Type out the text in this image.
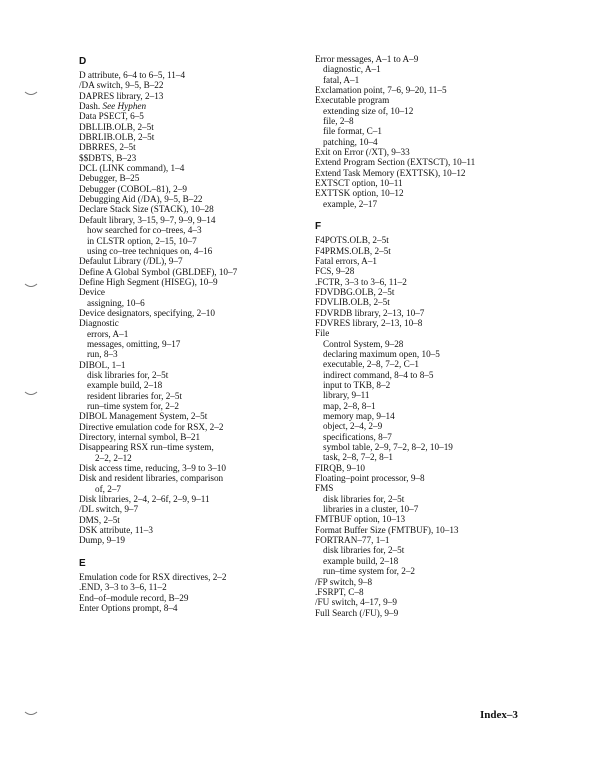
D
D attribute, 6–4 to 6–5, 11–4
/DA switch, 9–5, B–22
DAPRES library, 2–13
Dash. See Hyphen
Data PSECT, 6–5
DBLLIB.OLB, 2–5t
DBRLIB.OLB, 2–5t
DBRRES, 2–5t
$$DBTS, B–23
DCL (LINK command), 1–4
Debugger, B–25
Debugger (COBOL–81), 2–9
Debugging Aid (/DA), 9–5, B–22
Declare Stack Size (STACK), 10–28
Default library, 3–15, 9–7, 9–9, 9–14
how searched for co–trees, 4–3
in CLSTR option, 2–15, 10–7
using co–tree techniques on, 4–16
Defaulut Library (/DL), 9–7
Define A Global Symbol (GBLDEF), 10–7
Define High Segment (HISEG), 10–9
Device
assigning, 10–6
Device designators, specifying, 2–10
Diagnostic
errors, A–1
messages, omitting, 9–17
run, 8–3
DIBOL, 1–1
disk libraries for, 2–5t
example build, 2–18
resident libraries for, 2–5t
run–time system for, 2–2
DIBOL Management System, 2–5t
Directive emulation code for RSX, 2–2
Directory, internal symbol, B–21
Disappearing RSX run–time system,
2–2, 2–12
Disk access time, reducing, 3–9 to 3–10
Disk and resident libraries, comparison
of, 2–7
Disk libraries, 2–4, 2–6f, 2–9, 9–11
/DL switch, 9–7
DMS, 2–5t
DSK attribute, 11–3
Dump, 9–19
E
Emulation code for RSX directives, 2–2
.END, 3–3 to 3–6, 11–2
End–of–module record, B–29
Enter Options prompt, 8–4
Error messages, A–1 to A–9
diagnostic, A–1
fatal, A–1
Exclamation point, 7–6, 9–20, 11–5
Executable program
extending size of, 10–12
file, 2–8
file format, C–1
patching, 10–4
Exit on Error (/XT), 9–33
Extend Program Section (EXTSCT), 10–11
Extend Task Memory (EXTTSK), 10–12
EXTSCT option, 10–11
EXTTSK option, 10–12
example, 2–17
F
F4POTS.OLB, 2–5t
F4PRMS.OLB, 2–5t
Fatal errors, A–1
FCS, 9–28
.FCTR, 3–3 to 3–6, 11–2
FDVDBG.OLB, 2–5t
FDVLIB.OLB, 2–5t
FDVRDB library, 2–13, 10–7
FDVRES library, 2–13, 10–8
File
Control System, 9–28
declaring maximum open, 10–5
executable, 2–8, 7–2, C–1
indirect command, 8–4 to 8–5
input to TKB, 8–2
library, 9–11
map, 2–8, 8–1
memory map, 9–14
object, 2–4, 2–9
specifications, 8–7
symbol table, 2–9, 7–2, 8–2, 10–19
task, 2–8, 7–2, 8–1
FIRQB, 9–10
Floating–point processor, 9–8
FMS
disk libraries for, 2–5t
libraries in a cluster, 10–7
FMTBUF option, 10–13
Format Buffer Size (FMTBUF), 10–13
FORTRAN–77, 1–1
disk libraries for, 2–5t
example build, 2–18
run–time system for, 2–2
/FP switch, 9–8
.FSRPT, C–8
/FU switch, 4–17, 9–9
Full Search (/FU), 9–9
Index–3
